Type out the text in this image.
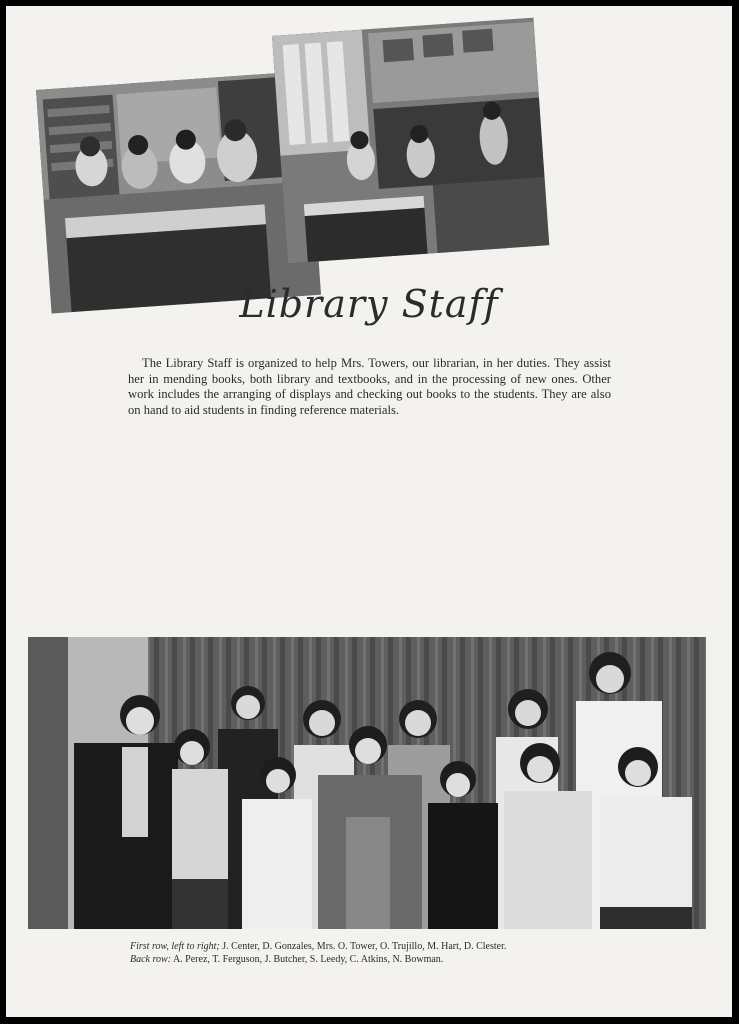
Library Staff

The Library Staff is organized to help Mrs. Towers, our librarian, in her duties. They assist her in mending books, both library and textbooks, and in the processing of new ones. Other work includes the arranging of displays and checking out books to the students. They are also on hand to aid students in finding reference materials.

First row, left to right; J. Center, D. Gonzales, Mrs. O. Tower, O. Trujillo, M. Hart, D. Clester.
Back row: A. Perez, T. Ferguson, J. Butcher, S. Leedy, C. Atkins, N. Bowman.
